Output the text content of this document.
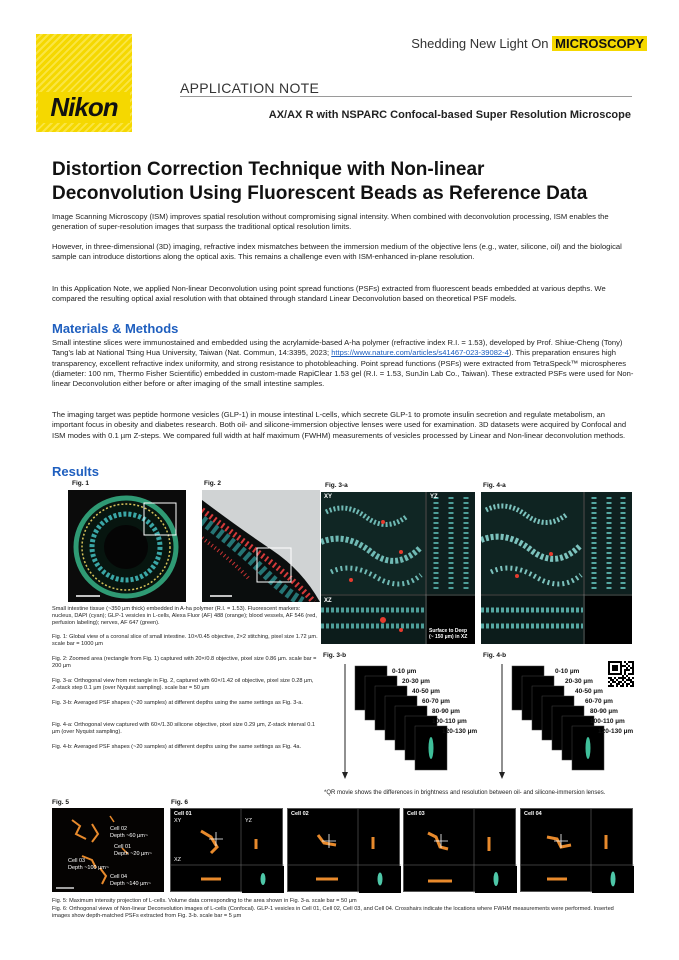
Nikon
Shedding New Light On MICROSCOPY
APPLICATION NOTE
AX/AX R with NSPARC Confocal-based Super Resolution Microscope
Distortion Correction Technique with Non-linear
Deconvolution Using Fluorescent Beads as Reference Data
Image Scanning Microscopy (ISM) improves spatial resolution without compromising signal intensity. When combined with deconvolution processing, ISM enables the generation of super-resolution images that surpass the traditional optical resolution limits.
However, in three-dimensional (3D) imaging, refractive index mismatches between the immersion medium of the objective lens (e.g., water, silicone, oil) and the biological sample can introduce distortions along the optical axis. This remains a challenge even with ISM-enhanced in-plane resolution.
In this Application Note, we applied Non-linear Deconvolution using point spread functions (PSFs) extracted from fluorescent beads embedded at various depths. We compared the resulting optical axial resolution with that obtained through standard Linear Deconvolution based on theoretical PSF models.
Materials & Methods
Small intestine slices were immunostained and embedded using the acrylamide-based A-ha polymer (refractive index R.I. = 1.53), developed by Prof. Shiue-Cheng (Tony) Tang's lab at National Tsing Hua University, Taiwan (Nat. Commun, 14:3395, 2023; https://www.nature.com/articles/s41467-023-39082-4). This preparation ensures high transparency, excellent refractive index uniformity, and strong resistance to photobleaching. Point spread functions (PSFs) were extracted from TetraSpeck™ microspheres (diameter: 100 nm, Thermo Fisher Scientific) embedded in custom-made RapiClear 1.53 gel (R.I. = 1.53, SunJin Lab Co., Taiwan). These extracted PSFs were used for Non-linear Deconvolution either before or after imaging of the small intestine samples.
The imaging target was peptide hormone vesicles (GLP-1) in mouse intestinal L-cells, which secrete GLP-1 to promote insulin secretion and regulate metabolism, an important focus in obesity and diabetes research. Both oil- and silicone-immersion objective lenses were used for examination. 3D datasets were acquired by Confocal and ISM modes with 0.1 µm Z-steps. We compared full width at half maximum (FWHM) measurements of vesicles processed by Linear and Non-linear deconvolution methods.
Results
Fig. 1	Fig. 2	Fig. 3-a
XY	YZ
XZ
Surface to Deep (~ 150 µm) in XZ
Fig. 4-a
Small intestine tissue (~350 µm thick) embedded in A-ha polymer (R.I. = 1.53). Fluorescent markers: nucleus, DAPI (cyan); GLP-1 vesicles in L-cells, Alexa Fluor (AF) 488 (orange); blood vessels, AF 546 (red, perfusion labeling); nerves, AF 647 (green).
Fig. 1: Global view of a coronal slice of small intestine. 10×/0.45 objective, 2×2 stitching, pixel size 1.72 µm. scale bar = 1000 µm
Fig. 2: Zoomed area (rectangle from Fig. 1) captured with 20×/0.8 objective, pixel size 0.86 µm. scale bar = 200 µm
Fig. 3-a: Orthogonal view from rectangle in Fig. 2, captured with 60×/1.42 oil objective, pixel size 0.28 µm, Z-stack step 0.1 µm (over Nyquist sampling). scale bar = 50 µm
Fig. 3-b: Averaged PSF shapes (~20 samples) at different depths using the same settings as Fig. 3-a.
Fig. 4-a: Orthogonal view captured with 60×/1.30 silicone objective, pixel size 0.29 µm, Z-stack interval 0.1 µm (over Nyquist sampling).
Fig. 4-b: Averaged PSF shapes (~20 samples) at different depths using the same settings as Fig. 4a.
Fig. 3-b
0-10 µm
20-30 µm
40-50 µm
60-70 µm
80-90 µm
100-110 µm
120-130 µm
Fig. 4-b
0-10 µm
20-30 µm
40-50 µm
60-70 µm
80-90 µm
100-110 µm
120-130 µm
*QR movie shows the differences in brightness and resolution between oil- and silicone-immersion lenses.
Fig. 5
Cell 02
Depth ~60 µm~
Cell 01
Depth ~20 µm~
Cell 03
Depth ~100 µm~
Cell 04
Depth ~140 µm~
Fig. 6
Cell 01
XY	YZ
XZ
Cell 02	Cell 03	Cell 04
Fig. 5: Maximum intensity projection of L-cells. Volume data corresponding to the area shown in Fig. 3-a. scale bar = 50 µm
Fig. 6: Orthogonal views of Non-linear Deconvolution images of L-cells (Confocal). GLP-1 vesicles in Cell 01, Cell 02, Cell 03, and Cell 04. Crosshairs indicate the locations where FWHM measurements were performed. Inserted images show depth-matched PSFs extracted from Fig. 3-b. scale bar = 5 µm
